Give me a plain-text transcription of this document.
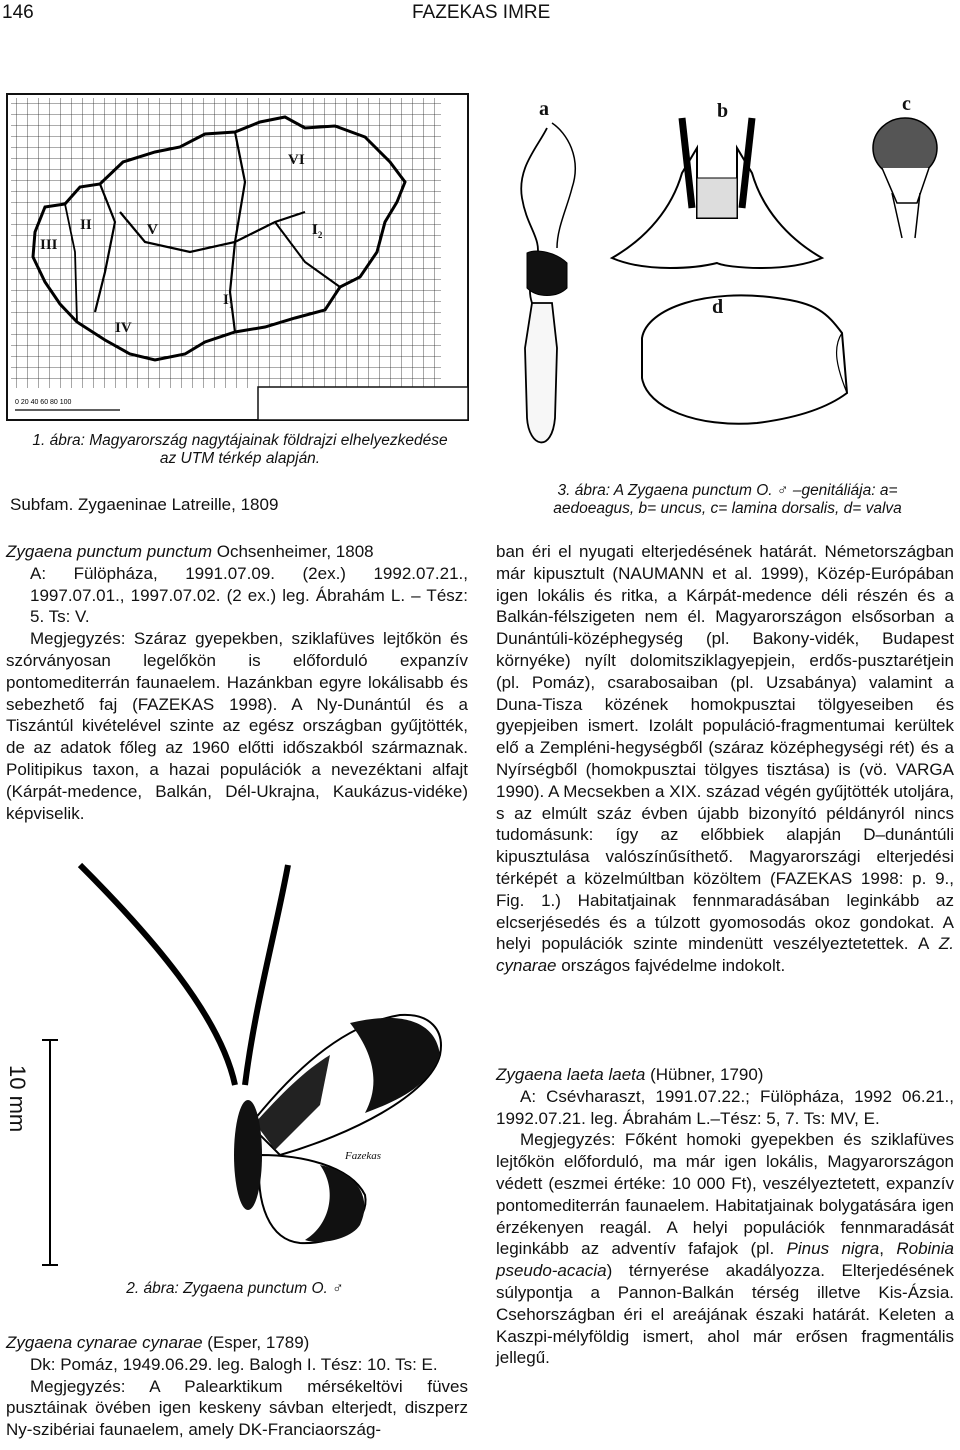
146	FAZEKAS IMRE
0 20 40 60 80 100
VI
II	V	$I_2$
III
$I_1$
IV
1. ábra: Magyarország nagytájainak földrajzi elhelyezkedése
az UTM térkép alapján.
a	b	c
d
3. ábra: A Zygaena punctum O. ♂ –genitáliája: a=
aedoeagus, b= uncus, c= lamina dorsalis, d= valva
Subfam. Zygaeninae Latreille, 1809

Zygaena punctum punctum Ochsenheimer, 1808

A: Fülöpháza, 1991.07.09. (2ex.) 1992.07.21., 1997.07.01., 1997.07.02. (2 ex.) leg. Ábrahám L. – Tész: 5. Ts: V.

Megjegyzés: Száraz gyepekben, sziklafüves lejtőkön és szórványosan legelőkön is előforduló expanzív pontomediterrán faunaelem. Hazánkban egyre lokálisabb és sebezhető faj (FAZEKAS 1998). A Ny-Dunántúl és a Tiszántúl kivételével szinte az egész országban gyűjtötték, de az adatok főleg az 1960 előtti időszakból származnak. Politipikus taxon, a hazai populációk a nevezéktani alfajt (Kárpát-medence, Balkán, Dél-Ukrajna, Kaukázus-vidéke) képviselik.

10 mm
Fazekas
2. ábra: Zygaena punctum O. ♂

Zygaena cynarae cynarae (Esper, 1789)

Dk: Pomáz, 1949.06.29. leg. Balogh I. Tész: 10. Ts: E.

Megjegyzés: A Palearktikum mérsékeltövi füves pusztáinak övében igen keskeny sávban elterjedt, diszperz Ny-szibériai faunaelem, amely DK-Franciaország-

ban éri el nyugati elterjedésének határát. Németországban már kipusztult (NAUMANN et al. 1999), Közép-Európában igen lokális és ritka, a Kárpát-medence déli részén és a Balkán-félszigeten nem él. Magyarországon elsősorban a Dunántúli-középhegység (pl. Bakony-vidék, Budapest környéke) nyílt dolomitsziklagyepjein, erdős-pusztarétjein (pl. Pomáz), csarabosaiban (pl. Uzsabánya) valamint a Duna-Tisza közének homokpusztai tölgyeseiben és gyepjeiben ismert. Izolált populáció-fragmentumai kerültek elő a Zempléni-hegységből (száraz középhegységi rét) és a Nyírségből (homokpusztai tölgyes tisztása) is (vö. VARGA 1990). A Mecsekben a XIX. század végén gyűjtötték utoljára, s az elmúlt száz évben újabb bizonyító példányról nincs tudomásunk: így az előbbiek alapján D–dunántúli kipusztulása valószínűsíthető. Magyarországi elterjedési térképét a közelmúltban közöltem (FAZEKAS 1998: p. 9., Fig. 1.) Habitatjainak fennmaradásában leginkább az elcserjésedés és a túlzott gyomosodás okoz gondokat. A helyi populációk szinte mindenütt veszélyeztetettek. A Z. cynarae országos fajvédelme indokolt.

Zygaena laeta laeta (Hübner, 1790)

A: Csévharaszt, 1991.07.22.; Fülöpháza, 1992 06.21., 1992.07.21. leg. Ábrahám L.–Tész: 5, 7. Ts: MV, E.

Megjegyzés: Főként homoki gyepekben és sziklafüves lejtőkön előforduló, ma már igen lokális, Magyarországon védett (eszmei értéke: 10 000 Ft), veszélyeztetett, expanzív pontomediterrán faunaelem. Habitatjainak bolygatására igen érzékenyen reagál. A helyi populációk fennmaradását leginkább az adventív fafajok (pl. Pinus nigra, Robinia pseudo-acacia) térnyerése akadályozza. Elterjedésének súlypontja a Pannon-Balkán térség illetve Kis-Ázsia. Csehországban éri el areájának északi határát. Keleten a Kaszpi-mélyföldig ismert, ahol már erősen fragmentális jellegű.
